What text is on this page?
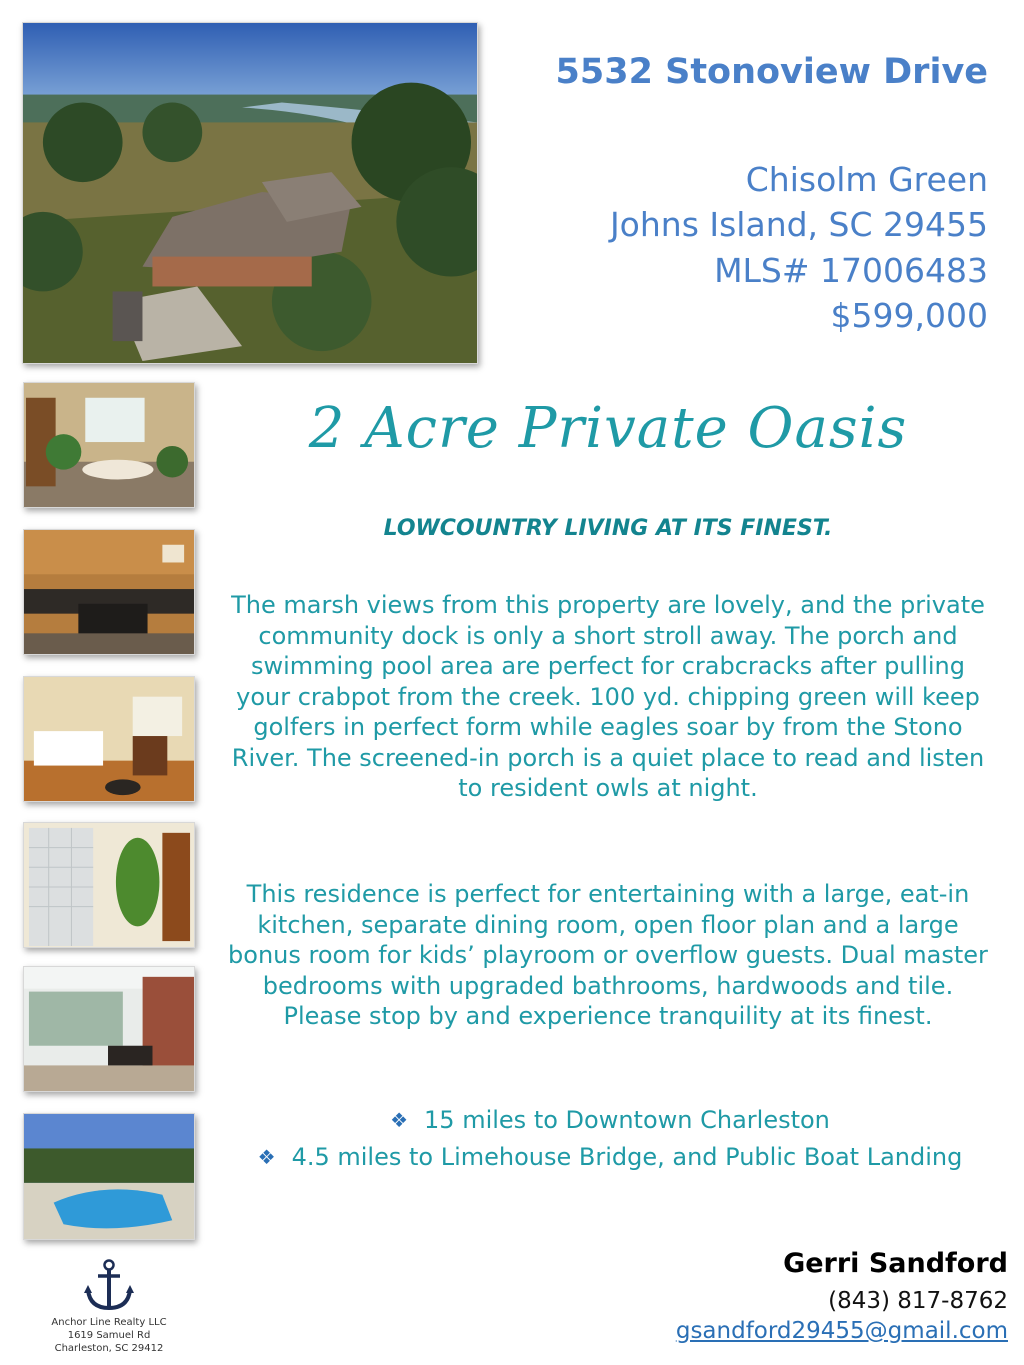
5532 Stonoview Drive

Chisolm Green

Johns Island, SC 29455

MLS# 17006483

$599,000

2 Acre Private Oasis

LOWCOUNTRY LIVING AT ITS FINEST.

The marsh views from this property are lovely, and the private community dock is only a short stroll away. The porch and swimming pool area are perfect for crabcracks after pulling your crabpot from the creek. 100 yd. chipping green will keep golfers in perfect form while eagles soar by from the Stono River. The screened-in porch is a quiet place to read and listen to resident owls at night.

This residence is perfect for entertaining with a large, eat-in kitchen, separate dining room, open floor plan and a large bonus room for kids’ playroom or overflow guests. Dual master bedrooms with upgraded bathrooms, hardwoods and tile. Please stop by and experience tranquility at its finest.

❖ 15 miles to Downtown Charleston
❖ 4.5 miles to Limehouse Bridge, and Public Boat Landing

Gerri Sandford

(843) 817-8762

gsandford29455@gmail.com

Anchor Line Realty LLC

1619 Samuel Rd

Charleston, SC 29412
